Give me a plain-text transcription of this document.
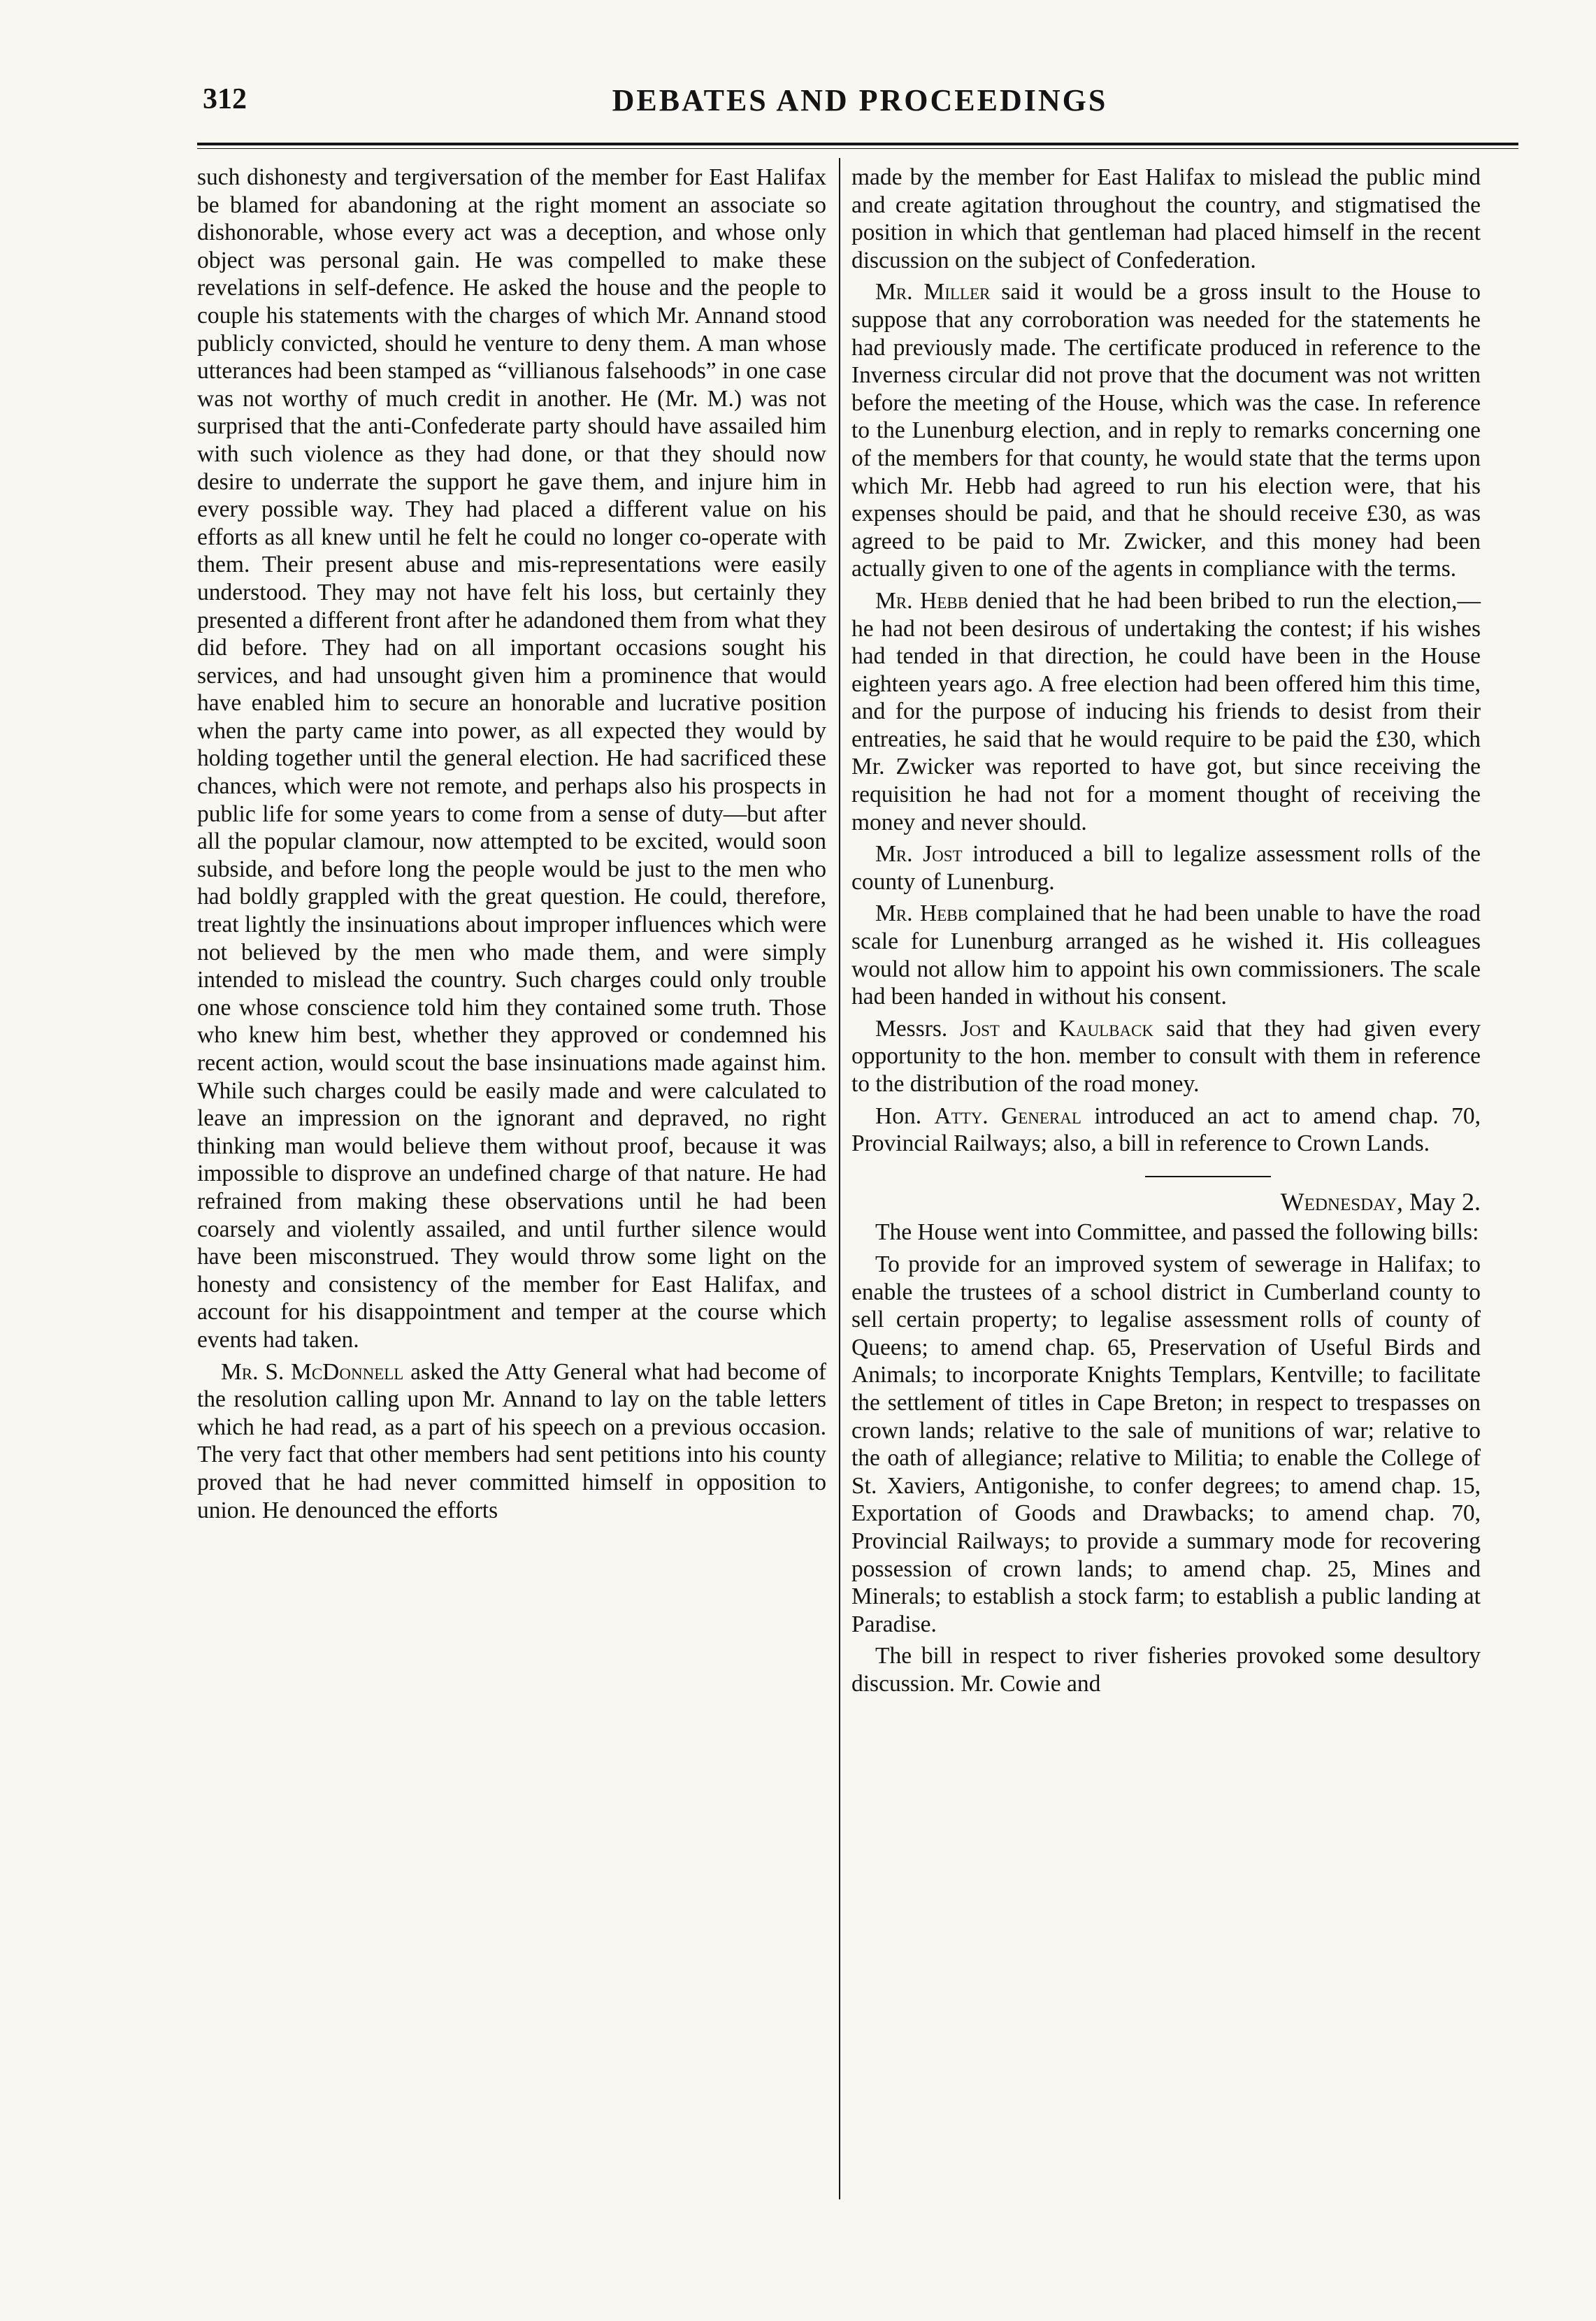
312	DEBATES AND PROCEEDINGS

such dishonesty and tergiversation of the member for East Halifax be blamed for abandoning at the right moment an associate so dishonorable, whose every act was a deception, and whose only object was personal gain. He was compelled to make these revelations in self-defence. He asked the house and the people to couple his statements with the charges of which Mr. Annand stood publicly convicted, should he venture to deny them. A man whose utterances had been stamped as “villianous falsehoods” in one case was not worthy of much credit in another. He (Mr. M.) was not surprised that the anti-Confederate party should have assailed him with such violence as they had done, or that they should now desire to underrate the support he gave them, and injure him in every possible way. They had placed a different value on his efforts as all knew until he felt he could no longer co-operate with them. Their present abuse and mis-representations were easily understood. They may not have felt his loss, but certainly they presented a different front after he adandoned them from what they did before. They had on all important occasions sought his services, and had unsought given him a prominence that would have enabled him to secure an honorable and lucrative position when the party came into power, as all expected they would by holding together until the general election. He had sacrificed these chances, which were not remote, and perhaps also his prospects in public life for some years to come from a sense of duty—but after all the popular clamour, now attempted to be excited, would soon subside, and before long the people would be just to the men who had boldly grappled with the great question. He could, therefore, treat lightly the insinuations about improper influences which were not believed by the men who made them, and were simply intended to mislead the country. Such charges could only trouble one whose conscience told him they contained some truth. Those who knew him best, whether they approved or condemned his recent action, would scout the base insinuations made against him. While such charges could be easily made and were calculated to leave an impression on the ignorant and depraved, no right thinking man would believe them without proof, because it was impossible to disprove an undefined charge of that nature. He had refrained from making these observations until he had been coarsely and violently assailed, and until further silence would have been misconstrued. They would throw some light on the honesty and consistency of the member for East Halifax, and account for his disappointment and temper at the course which events had taken.

Mr. S. McDonnell asked the Atty General what had become of the resolution calling upon Mr. Annand to lay on the table letters which he had read, as a part of his speech on a previous occasion. The very fact that other members had sent petitions into his county proved that he had never committed himself in opposition to union. He denounced the efforts

made by the member for East Halifax to mislead the public mind and create agitation throughout the country, and stigmatised the position in which that gentleman had placed himself in the recent discussion on the subject of Confederation.

Mr. Miller said it would be a gross insult to the House to suppose that any corroboration was needed for the statements he had previously made. The certificate produced in reference to the Inverness circular did not prove that the document was not written before the meeting of the House, which was the case. In reference to the Lunenburg election, and in reply to remarks concerning one of the members for that county, he would state that the terms upon which Mr. Hebb had agreed to run his election were, that his expenses should be paid, and that he should receive £30, as was agreed to be paid to Mr. Zwicker, and this money had been actually given to one of the agents in compliance with the terms.

Mr. Hebb denied that he had been bribed to run the election,—he had not been desirous of undertaking the contest; if his wishes had tended in that direction, he could have been in the House eighteen years ago. A free election had been offered him this time, and for the purpose of inducing his friends to desist from their entreaties, he said that he would require to be paid the £30, which Mr. Zwicker was reported to have got, but since receiving the requisition he had not for a moment thought of receiving the money and never should.

Mr. Jost introduced a bill to legalize assessment rolls of the county of Lunenburg.

Mr. Hebb complained that he had been unable to have the road scale for Lunenburg arranged as he wished it. His colleagues would not allow him to appoint his own commissioners. The scale had been handed in without his consent.

Messrs. Jost and Kaulback said that they had given every opportunity to the hon. member to consult with them in reference to the distribution of the road money.

Hon. Atty. General introduced an act to amend chap. 70, Provincial Railways; also, a bill in reference to Crown Lands.

Wednesday, May 2.

The House went into Committee, and passed the following bills:

To provide for an improved system of sewerage in Halifax; to enable the trustees of a school district in Cumberland county to sell certain property; to legalise assessment rolls of county of Queens; to amend chap. 65, Preservation of Useful Birds and Animals; to incorporate Knights Templars, Kentville; to facilitate the settlement of titles in Cape Breton; in respect to trespasses on crown lands; relative to the sale of munitions of war; relative to the oath of allegiance; relative to Militia; to enable the College of St. Xaviers, Antigonishe, to confer degrees; to amend chap. 15, Exportation of Goods and Drawbacks; to amend chap. 70, Provincial Railways; to provide a summary mode for recovering possession of crown lands; to amend chap. 25, Mines and Minerals; to establish a stock farm; to establish a public landing at Paradise.

The bill in respect to river fisheries provoked some desultory discussion. Mr. Cowie and
